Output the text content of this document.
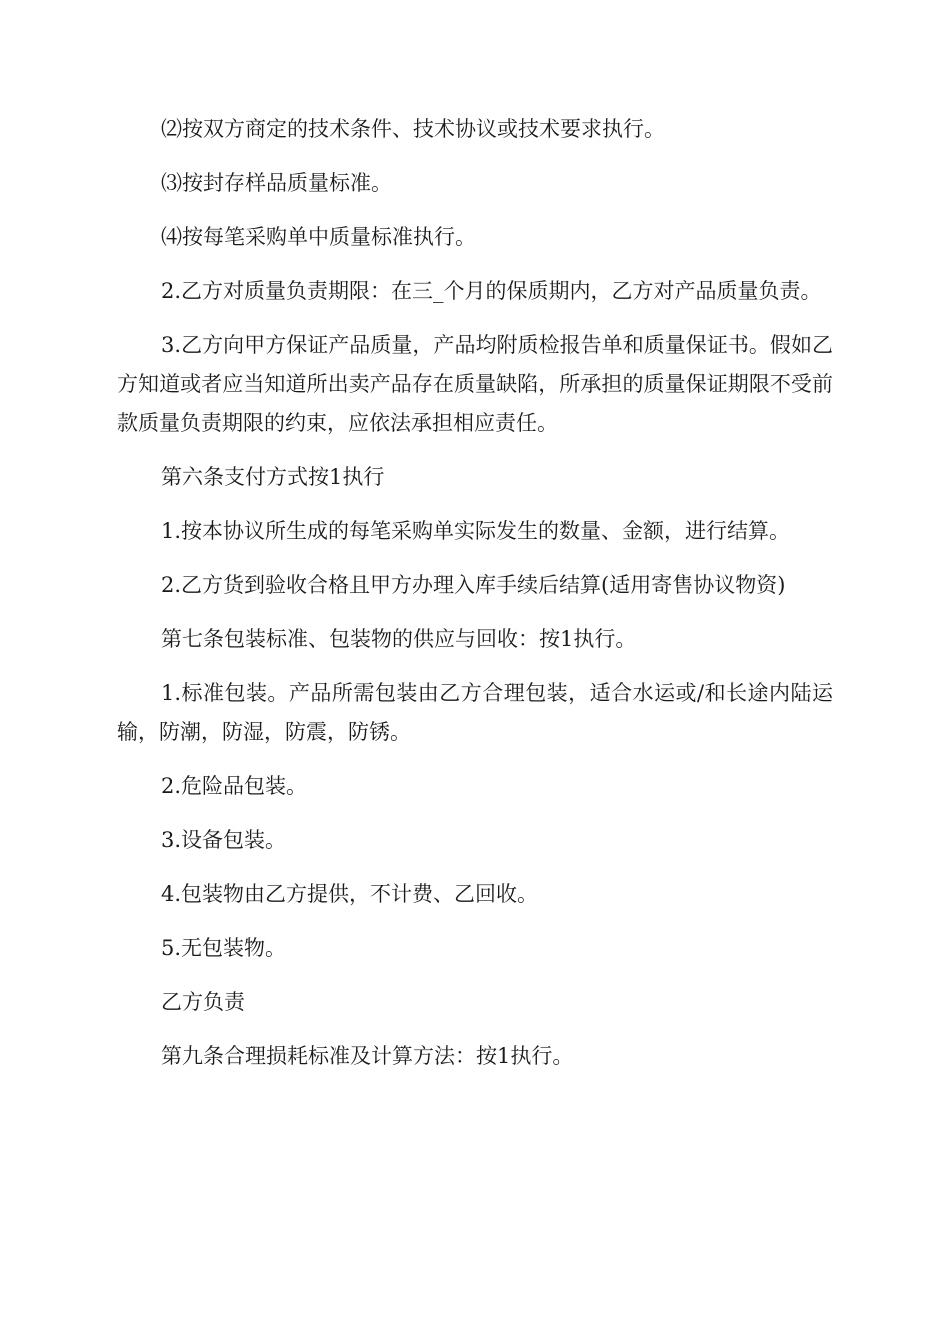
⑵按双方商定的技术条件、技术协议或技术要求执行。

⑶按封存样品质量标准。

⑷按每笔采购单中质量标准执行。

2.乙方对质量负责期限：在三_个月的保质期内，乙方对产品质量负责。

3.乙方向甲方保证产品质量，产品均附质检报告单和质量保证书。假如乙方知道或者应当知道所出卖产品存在质量缺陷，所承担的质量保证期限不受前款质量负责期限的约束，应依法承担相应责任。

第六条支付方式按1执行

1.按本协议所生成的每笔采购单实际发生的数量、金额，进行结算。

2.乙方货到验收合格且甲方办理入库手续后结算(适用寄售协议物资)

第七条包装标准、包装物的供应与回收：按1执行。

1.标准包装。产品所需包装由乙方合理包装，适合水运或/和长途内陆运输，防潮，防湿，防震，防锈。

2.危险品包装。

3.设备包装。

4.包装物由乙方提供，不计费、乙回收。

5.无包装物。

乙方负责

第九条合理损耗标准及计算方法：按1执行。
